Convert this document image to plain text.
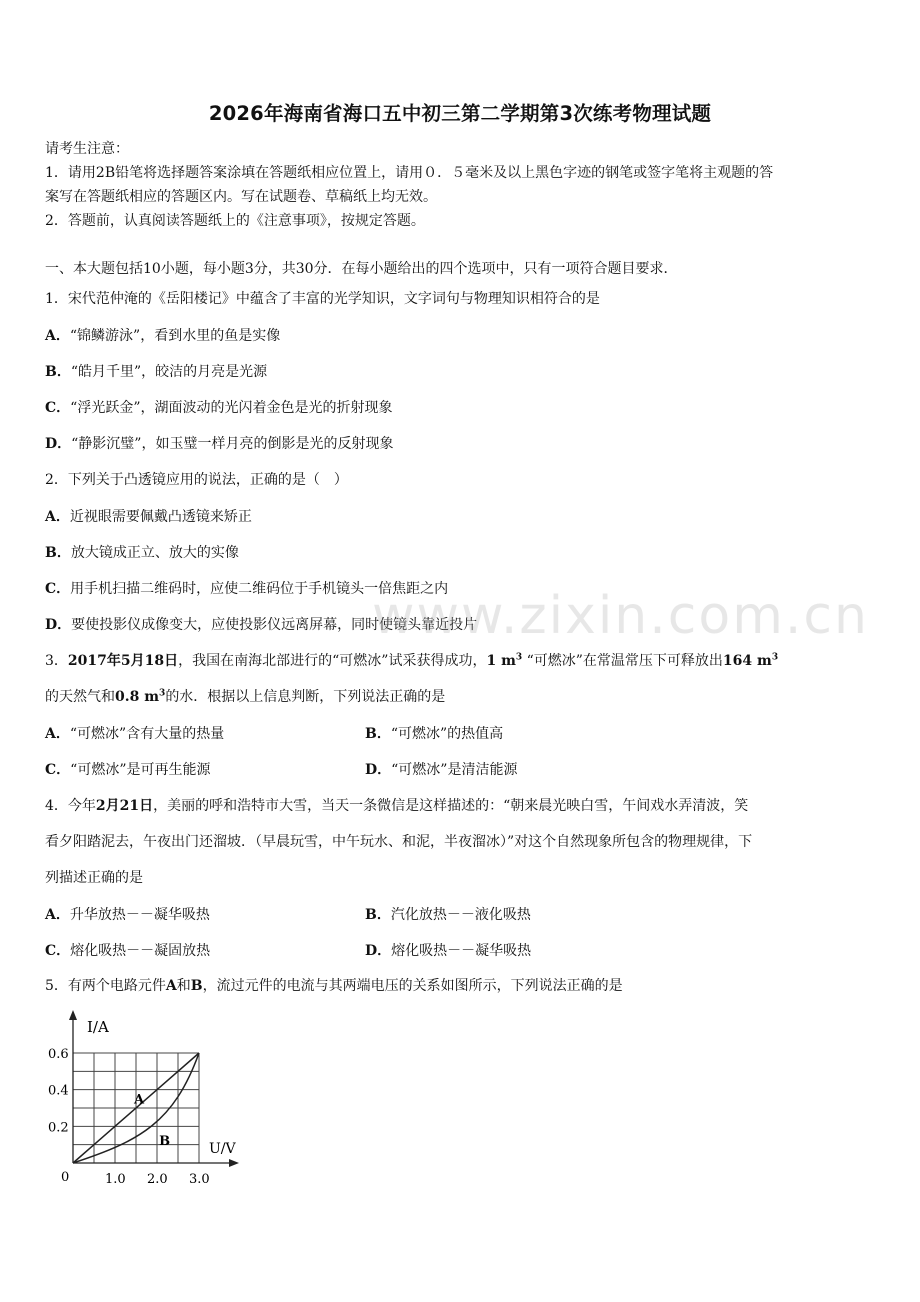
2026年海南省海口五中初三第二学期第3次练考物理试题
请考生注意：
1．请用2B铅笔将选择题答案涂填在答题纸相应位置上，请用０．５毫米及以上黑色字迹的钢笔或签字笔将主观题的答
案写在答题纸相应的答题区内。写在试题卷、草稿纸上均无效。
2．答题前，认真阅读答题纸上的《注意事项》，按规定答题。
一、本大题包括10小题，每小题3分，共30分．在每小题给出的四个选项中，只有一项符合题目要求．
1．宋代范仲淹的《岳阳楼记》中蕴含了丰富的光学知识，文字词句与物理知识相符合的是
A．“锦鳞游泳”，看到水里的鱼是实像
B．“皓月千里”，皎洁的月亮是光源
C．“浮光跃金”，湖面波动的光闪着金色是光的折射现象
D．“静影沉璧”，如玉璧一样月亮的倒影是光的反射现象
2．下列关于凸透镜应用的说法，正确的是（　）
A．近视眼需要佩戴凸透镜来矫正
B．放大镜成正立、放大的实像
C．用手机扫描二维码时，应使二维码位于手机镜头一倍焦距之内
D．要使投影仪成像变大，应使投影仪远离屏幕，同时使镜头靠近投片
www.zixin.com.cn
3．2017年5月18日，我国在南海北部进行的“可燃冰”试采获得成功，1 $m^3$ “可燃冰”在常温常压下可释放出164 $m^3$
的天然气和0.8 $m^3$的水．根据以上信息判断，下列说法正确的是
A．“可燃冰”含有大量的热量	B．“可燃冰”的热值高
C．“可燃冰”是可再生能源	D．“可燃冰”是清洁能源
4．今年2月21日，美丽的呼和浩特市大雪，当天一条微信是这样描述的：“朝来晨光映白雪，午间戏水弄清波，笑
看夕阳踏泥去，午夜出门还溜坡．（早晨玩雪，中午玩水、和泥，半夜溜冰）”对这个自然现象所包含的物理规律，下
列描述正确的是
A．升华放热－－凝华吸热	B．汽化放热－－液化吸热
C．熔化吸热－－凝固放热	D．熔化吸热－－凝华吸热
5．有两个电路元件A和B，流过元件的电流与其两端电压的关系如图所示，下列说法正确的是
I/A
U/V
0	1.0 2.0 3.0
0.2
0.4
0.6
A
B
